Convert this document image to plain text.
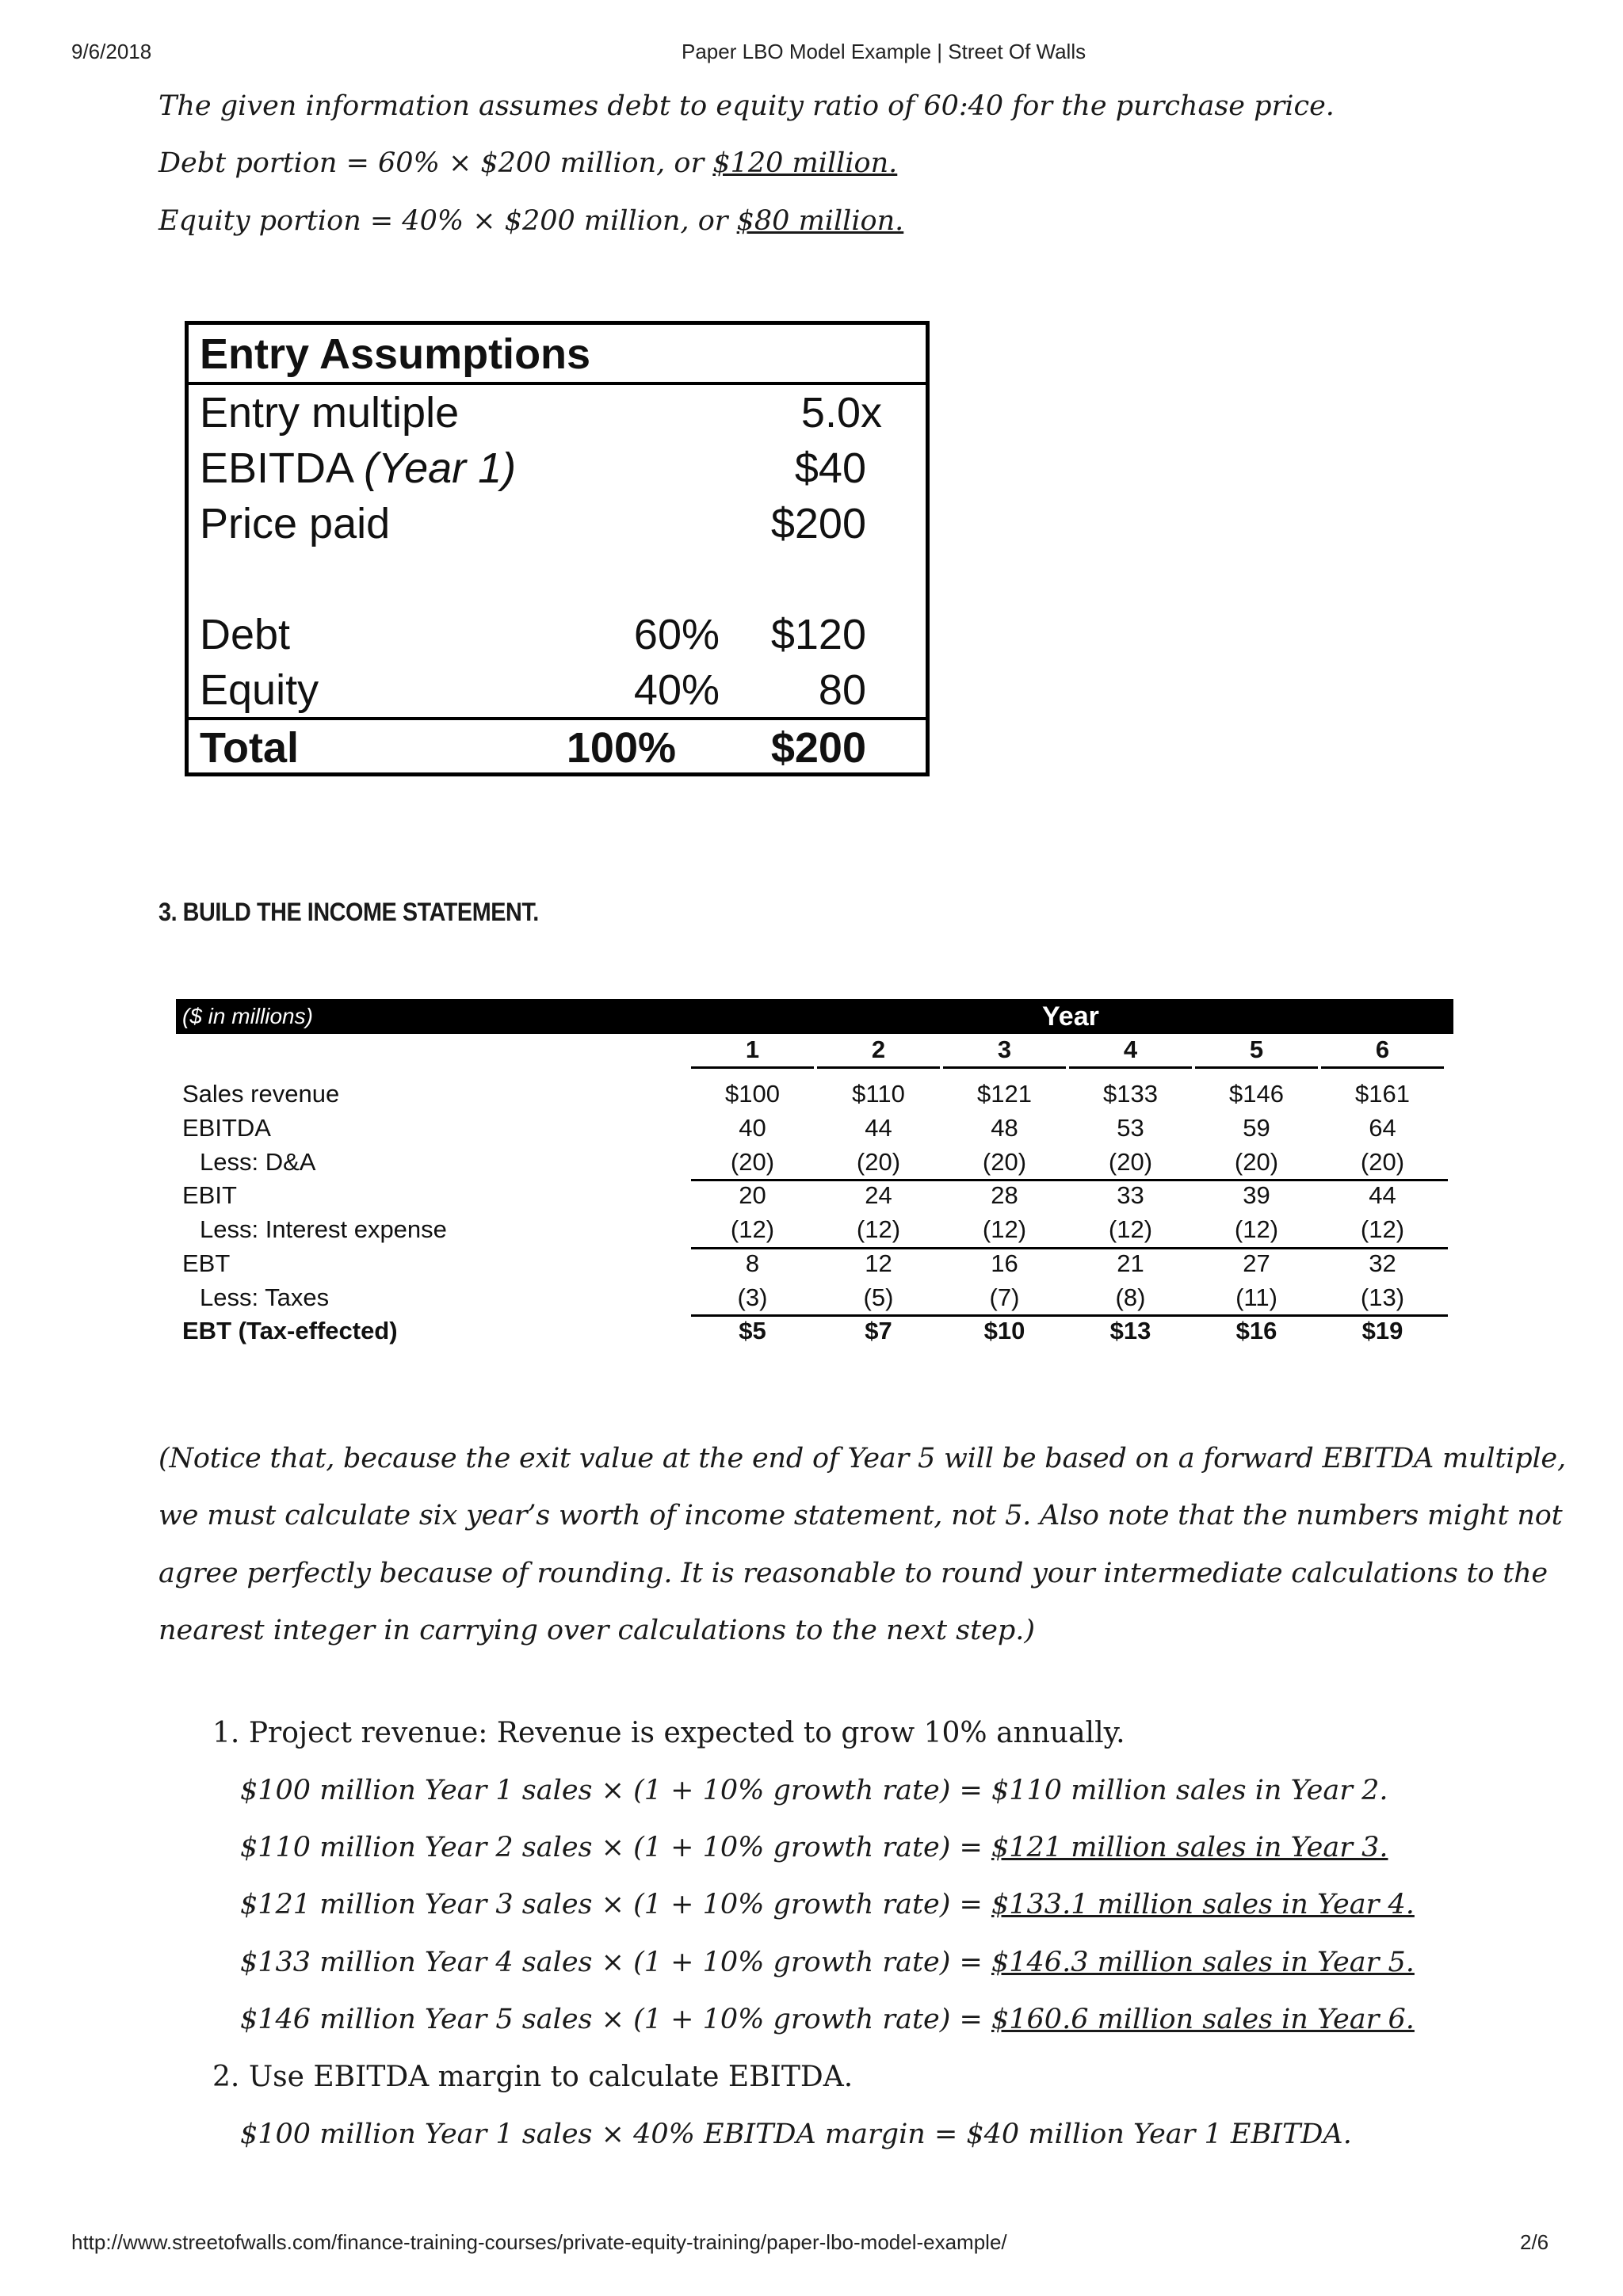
9/6/2018	Paper LBO Model Example | Street Of Walls
The given information assumes debt to equity ratio of 60:40 for the purchase price.
Debt portion = 60% × $200 million, or $120 million.
Equity portion = 40% × $200 million, or $80 million.
Entry Assumptions
Entry multiple	5.0x
EBITDA (Year 1)	$40
Price paid	$200
Debt	60% $120
Equity	40% 80
Total	100% $200
3. BUILD THE INCOME STATEMENT.
($ in millions)	Year
1	2	3	4	5	6
Sales revenue	$100	$110	$121	$133	$146	$161
EBITDA	40	44	48	53	59	64
Less: D&A	(20)	(20)	(20)	(20)	(20)	(20)
EBIT	20	24	28	33	39	44
Less: Interest expense	(12)	(12)	(12)	(12)	(12)	(12)
EBT	8	12	16	21	27	32
Less: Taxes	(3)	(5)	(7)	(8)	(11)	(13)
EBT (Tax-effected)	$5	$7	$10	$13	$16	$19
(Notice that, because the exit value at the end of Year 5 will be based on a forward EBITDA multiple,
we must calculate six year’s worth of income statement, not 5. Also note that the numbers might not
agree perfectly because of rounding. It is reasonable to round your intermediate calculations to the
nearest integer in carrying over calculations to the next step.)
1. Project revenue: Revenue is expected to grow 10% annually.
$100 million Year 1 sales × (1 + 10% growth rate) = $110 million sales in Year 2.
$110 million Year 2 sales × (1 + 10% growth rate) = $121 million sales in Year 3.
$121 million Year 3 sales × (1 + 10% growth rate) = $133.1 million sales in Year 4.
$133 million Year 4 sales × (1 + 10% growth rate) = $146.3 million sales in Year 5.
$146 million Year 5 sales × (1 + 10% growth rate) = $160.6 million sales in Year 6.
2. Use EBITDA margin to calculate EBITDA.
$100 million Year 1 sales × 40% EBITDA margin = $40 million Year 1 EBITDA.
http://www.streetofwalls.com/finance-training-courses/private-equity-training/paper-lbo-model-example/	2/6
